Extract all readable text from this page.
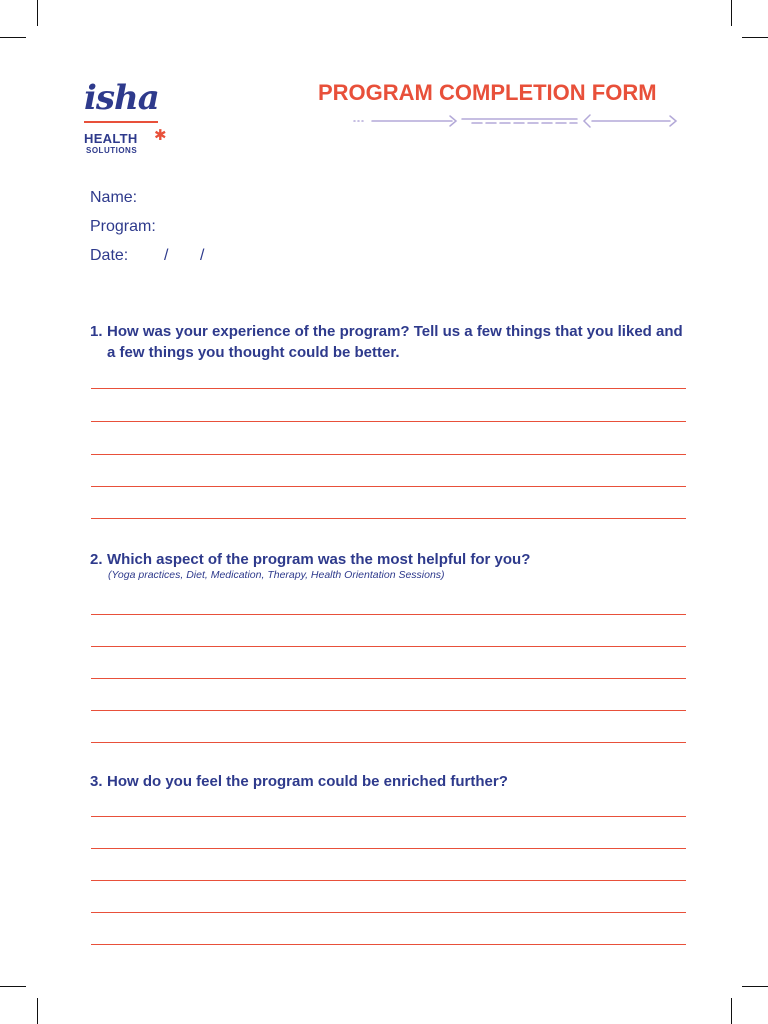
isha
✱
HEALTH
SOLUTIONS
PROGRAM COMPLETION FORM
Name:
Program:
Date: / /
1. How was your experience of the program? Tell us a few things that you liked and a few things you thought could be better.
2. Which aspect of the program was the most helpful for you?
(Yoga practices, Diet, Medication, Therapy, Health Orientation Sessions)
3. How do you feel the program could be enriched further?
